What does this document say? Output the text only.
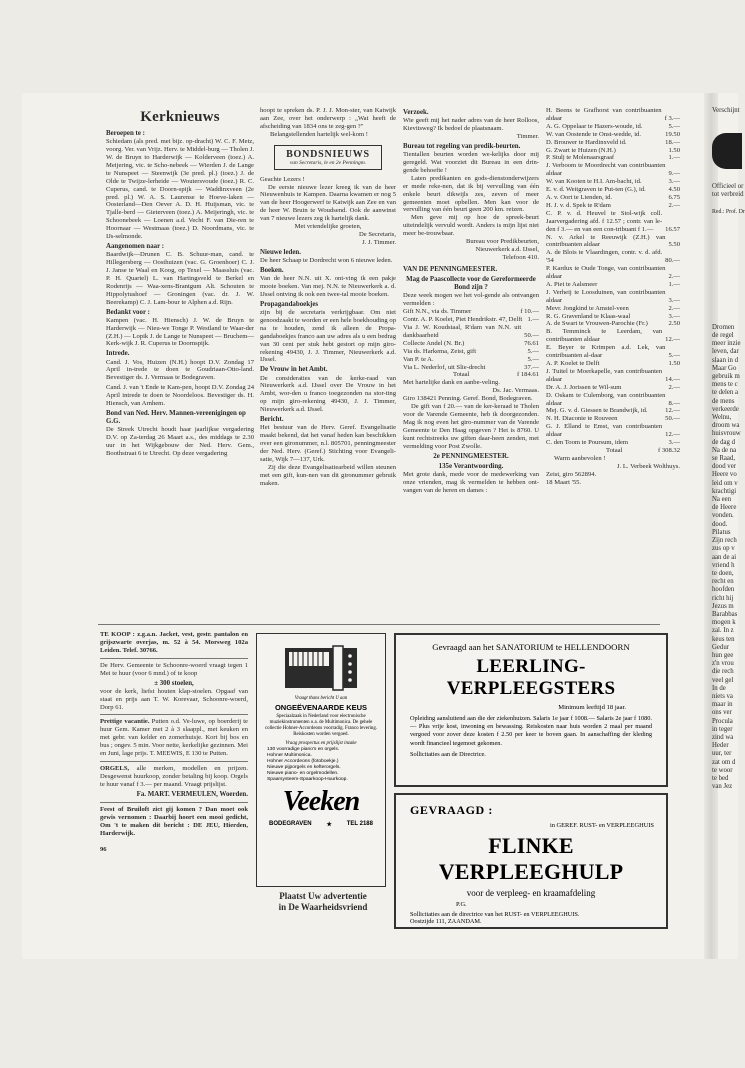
Kerknieuws

Beroepen te :

Schiedam (als pred. met bijz. op-dracht) W. C. F. Metz, voorg. Ver. van Vrijz. Herv. te Middel-burg — Tholen J. W. de Bruyn to Harderwijk — Kolderveen (toez.) A. Meijering, vic. te Scho-nebeek — Wierden J. de Lange te Nunspeet — Steenwijk (3e pred. pl.) (toez.) J. de Olde te Twijze-lerheide — Woutersvoude (toez.) R. C. Cuperus, cand. te Doorn-spijk — Waddinxveen (2e pred. pl.) W. A. S. Laurense te Hoeve-laken — Oosterland—Den Oever A. D. H. Huijsman, vic. te Tjalle-berd — Gieterveen (toez.) A. Meijeringh, vic. te Schoonebeek — Loenen a.d. Vecht F. van Die-ren te Hoornaar — Westmaas (toez.) D. Noordmans, vic. te IJs-selmonde.

Aangenomen naar :

Baardwijk—Drunen C. B. Schuur-man, cand. te Hillegersberg — Oosthuizen (vac. G. Groenhoer) C. J. J. Janse te Waal en Koog, op Texel — Maassluis (vac. P. H. Quartel) L. van Hartingsveld te Berkel en Rodenrijs — Waa-xens-Brantgum Alt. Schouten te Hippolytushoef — Groningen (vac. dr. J. W. Beerekamp) C. J. Lam-bour te Alphen a.d. Rijn.

Bedankt voor :

Kampen (vac. H. Hiensch) J. W. de Bruyn te Harderwijk — Nieu-we Tonge P. Westland te Waar-der (Z.H.) — Lopik J. de Lange te Nunspeet — Bruchem—Kerk-wijk J. R. Cuperus te Doornspijk.

Intrede.

Cand. J. Vos, Huizen (N.H.) hoopt D.V. Zondag 17 April in-trede te doen te Goudriaan-Otto-land. Bevestiger ds. J. Vermaas te Bodegraven.

Cand. J. van 't Ende te Kam-pen, hoopt D.V. Zondag 24 April intrede te doen te Noordeloos. Bevestiger ds. H. Hiensch, van Arnhem.

Bond van Ned. Herv. Mannen-vereenigingen op G.G.

De Streek Utrecht houdt haar jaarlijkse vergadering D.V. op Za-terdag 26 Maart a.s., des middags te 2.30 uur in het Wijkgebouw der Ned. Herv. Gem., Boothstraat 6 te Utrecht. Op deze vergadering

hoopt te spreken ds. P. J. J. Mon-ster, van Katwijk aan Zee, over het onderwerp : „Wat heeft de afscheiding van 1834 ons te zeg-gen ?"

Belangstellenden hartelijk wel-kom !

BONDSNIEUWS
van Secretaris, le en 2e Penningm.

Geachte Lezers !

De eerste nieuwe lezer kreeg ik van de heer Nieuwenhuis te Kampen. Daarna kwamen er nog 5 van de heer Hoogerwerf te Katwijk aan Zee en van de heer W. Bruin te Woudsend. Ook de aanwinst van 7 nieuwe lezers zeg ik hartelijk dank.

Met vriendelijke groeten,

De Secretaris,

J. J. Timmer.

Nieuwe leden.

De heer Schaap te Dordrecht won 6 nieuwe leden.

Boeken.

Van de heer N.N. uit X. ont-ving ik een pakje mooie boeken. Van mej. N.N. te Nieuwerkerk a. d. IJssel ontving ik ook een twee-tal mooie boeken.

Propagandaboekjes

zijn bij de secretaris verkrijgbaar. Om niet genoodzaakt te worden er een hele boekhouding op na te houden, zend ik alleen de Propa-gandaboekjes franco aan uw adres als u een bedrag van 30 cent per stuk hebt gestort op mijn giro-rekening 49430, J. J. Timmer, Nieuwerkerk a.d. IJssel.

De Vrouw in het Ambt.

De consideraties van de kerke-raad van Nieuwerkerk a.d. IJssel over De Vrouw in het Ambt, wor-den u franco toegezonden na stor-ting op mijn giro-rekening 49430, J. J. Timmer, Nieuwerkerk a.d. IJssel.

Bericht.

Het bestuur van de Herv. Geref. Evangelisatie maakt bekend, dat het vanaf heden kan beschikken over een gironummer, n.l. 805701, penningmeester der Ned. Herv. (Geref.) Stichting voor Evangeli-satie, Wijk 7—137, Urk.

Zij die deze Evangelisatiearbeid willen steunen met een gift, kun-nen van dit gironummer gebruik maken.

Verzoek.

Wie geeft mij het nader adres van de heer Rolloos, Kievitsweg? Ik bedoel de plaatsnaam.

Timmer.

Bureau tot regeling van predik-beurten.

Tientallen beurten worden we-kelijks door mij geregeld. Wat voorziet dit Bureau in een drin-gende behoefte !

Laten predikanten en gods-dienstonderwijzers er mede reke-nen, dat ik bij vervulling van één enkele beurt dikwijls zes, zeven of meer gemeenten moet opbellen. Men kan voor de vervulling van één beurt geen 200 km. reizen.

Men geve mij op hoe de spreek-beurt uiteindelijk vervuld wordt. Anders is mijn lijst niet meer be-trouwbaar.

Bureau voor Predikbeurten,

Nieuwerkerk a.d. IJssel,

Telefoon 410.

VAN DE PENNINGMEESTER.

Mag de Paascollecte voor de Gereformeerde Bond zijn ?

Deze week mogen we het vol-gende als ontvangen vermelden :

Gift N.N., via ds. Timmer	f 10.—
Contr. A. P. Koelet, Piet Hendrikstr. 47, Delft 1.—
Via J. W. Koudstaal, R'dam van N.N. uit dankbaarheid	50.—
Collecte Andel (N. Br.)	76.61
Via ds. Harkema, Zeist, gift	5.—
Van P. te A.	5.—
Via L. Nederlof, uit Slie-drecht	37.—
Totaal	f 184.61

Met hartelijke dank en aanbe-veling.

Ds. Jac. Vermaas.

Giro 138421 Penning. Geref. Bond, Bodegraven.

De gift van f 20.— van de ker-keraad te Tholen voor de Varende Gemeente, heb ik doorgezonden. Mag ik nog even het giro-nummer van de Varende Gemeente te Den Haag opgeven ? Het is 8760. U kunt rechtstreeks uw giften daar-heen zenden, met vermelding voor Post Zwolle.

2e PENNINGMEESTER.

135e Verantwoording.

Met grote dank, mede voor de medewerking van onze vrienden, mag ik vermelden te hebben ont-vangen van de heren en dames :

H. Beens te Grafhorst van contribuanten aldaar	f 3.—
A. G. Oppelaar te Hazers-woude, id.	5.—
W. van Oostende te Onst-wedde, id.	19.50
D. Brouwer te Hardinxveld id.	18.—
G. Zwart te Huizen (N.H.)	1.50
P. Stulj te Molenaarsgraaf	1.—
J. Verboom te Moordrecht van contribuanten aldaar	9.—
W. van Kooten te H.I. Am-bacht, id.	3.—
E. v. d. Weitgraven te Put-ten (G.), id.	4.50
A. v. Oort te Lienden, id.	6.75
H. J. v. d. Spek te R'dam	2.—
C. P. v. d. Heuvel te Stol-wijk coll. Jaarvergadering afd. f 12.57 ; contr. van le-den f 3.— en van een con-tribuant f 1.—	16.57
N. v. Arkel te Reeuwijk (Z.H.) van contribuanten aldaar	5.50
A. de Blois te Vlaardingen, contr. v. d. afd. '54	80.—
P. Kardux te Oude Tonge, van contribuanten aldaar	2.—
A. Piet te Aalsmeer	1.—
J. Verheij te Loosduinen, van contribuanten aldaar	3.—
Mevr. Jongkind te Amstel-veen	2.—
R. G. Gravenland te Klaas-waal	3.—
A. de Swart te Vrouwen-Parochie (Fr.)	2.50
B. Temminck te Leerdam, van contribuanten aldaar	12.—
E. Beyer te Krimpen a.d. Lek, van contribuanten al-daar	5.—
A. P. Koelet te Delft	1.50
J. Tuitel te Moerkapelle, van contribuanten aldaar	14.—
Dr. A. J. Jorissen te Wil-sum	2.—
D. Oskam te Culemborg, van contribuanten aldaar	8.—
Mej. G. v. d. Giessen te Brandwijk, id.	12.—
N. H. Diaconie te Rouveen	50.—
G. J. Elland te Emst, van contribuanten aldaar	12.—
C. den Toom te Poursum, idem	3.—
Totaal	f 308.32

Warm aanbevolen !

J. L. Verbeek Wolthuys.

Zeist, giro 562894.

18 Maart '55.

TE KOOP : z.g.a.n. Jacket, vest, gestr. pantalon en grijszwarte overjas, m. 52 à 54. Morsweg 102a Leiden. Telef. 30766.

De Herv. Gemeente te Schoonre-woerd vraagt tegen 1 Mei te huur (voor 6 mnd.) of te koop

± 300 stoelen,

voor de kerk, liefst houten klap-stoelen. Opgaaf van staat en prijs aan T. W. Korevaar, Schoonre-woerd, Dorp 61.

Prettige vacantie. Putten o.d. Ve-luwe, op boerderij te huur Gem. Kamer met 2 à 3 slaappl., met keuken en met gebr. van kelder en zomerhuisje. Kort bij bos en bus ; ongev. 5 min. Voor nette, kerkelijke gezinnen. Mei en Juni, lage prijs. T. MEEWIS, E 130 te Putten.

ORGELS, alle merken, modellen en prijzen. Desgewenst huurkoop, zonder betaling bij koop. Orgels te huur vanaf f 3.— per maand. Vraagt prijslijst.

Fa. MART. VERMEULEN, Woerden.

Feest of Bruiloft zict gij komen ? Dan moet ook gewis vernomen : Daarbij hoort een mooi gedicht, Om 't te maken dit bericht : DE JEU, Hierden, Harderwijk.

96

Vraagt thans bericht U aan
ONGEËVENAARDE KEUS
Speciaalzaak in Nederland voor electronische muziekinstrumenten o.a. de Multimonica. De gehele collectie Hohner-Accordeons voorradig. Franco levering. Reiskosten worden vergoed.
Vraag prospectus en prijslijst inzake
130 voorradige piano's en orgels.
Hohner Multimonica.
Hohner Accordeons (fotoboekje.)
Nieuwe pijporgels en kefterorgels.
Nieuwe piano- en orgelmodellen.
Spaarsysteem-Spaarkoop-Huurkoop.
Veeken
BODEGRAVEN ★ TEL 2188
Plaatst Uw advertentie
in De Waarheidsvriend
Gevraagd aan het SANATORIUM te HELLENDOORN
LEERLING-VERPLEEGSTERS
Minimum leeftijd 18 jaar.

Opleiding aansluitend aan die der ziekenhuizen. Salaris 1e jaar f 1008.— Salaris 2e jaar f 1080.— Plus vrije kost, inwoning en bewassing. Reiskosten naar huis worden 2 maal per maand vergoed voor zover deze kosten f 2.50 per keer te boven gaan. In aanschaffing der kleding wordt financieel tegemoet gekomen.

Sollicitaties aan de Directrice.

GEVRAAGD :
in GEREF. RUST- en VERPLEEGHUIS
FLINKE VERPLEEGHULP
voor de verpleeg- en kraamafdeling
P.G.
Sollicitaties aan de directrice van het RUST- en VERPLEEGHUIS.
Oostzijde 111, ZAANDAM.

Verschijnt

Officieel or

tot verbreid

Red.: Prof. Dr

Dromen

de regel

meer inzie

leven, dar

slaan in d

Maar Go

gebruik m

mens te c

te delen a

de mens

verkeerde

Welnu,

droom wa

huisvrouw

de dag d

Na de na

se Raad,

dood ver

Heere vo

leid om v

krachtigi

Na een

de Heere

vonden.

dood.

Pilatus

Zijn rech

zus op v

aan de ai

vriend h

te doen,

recht en

hoofden

richt hij

Jezus m

Barabbas

mogen k

zal. In z

keus ten

Gedur

hun gee

z'n vrou

die rech

veel gel

In de

niets va

maar in

ons ver

Procula

in teger

zind wa

Heder

uur, ter

zat om d

te woor

te bed

van Jez
